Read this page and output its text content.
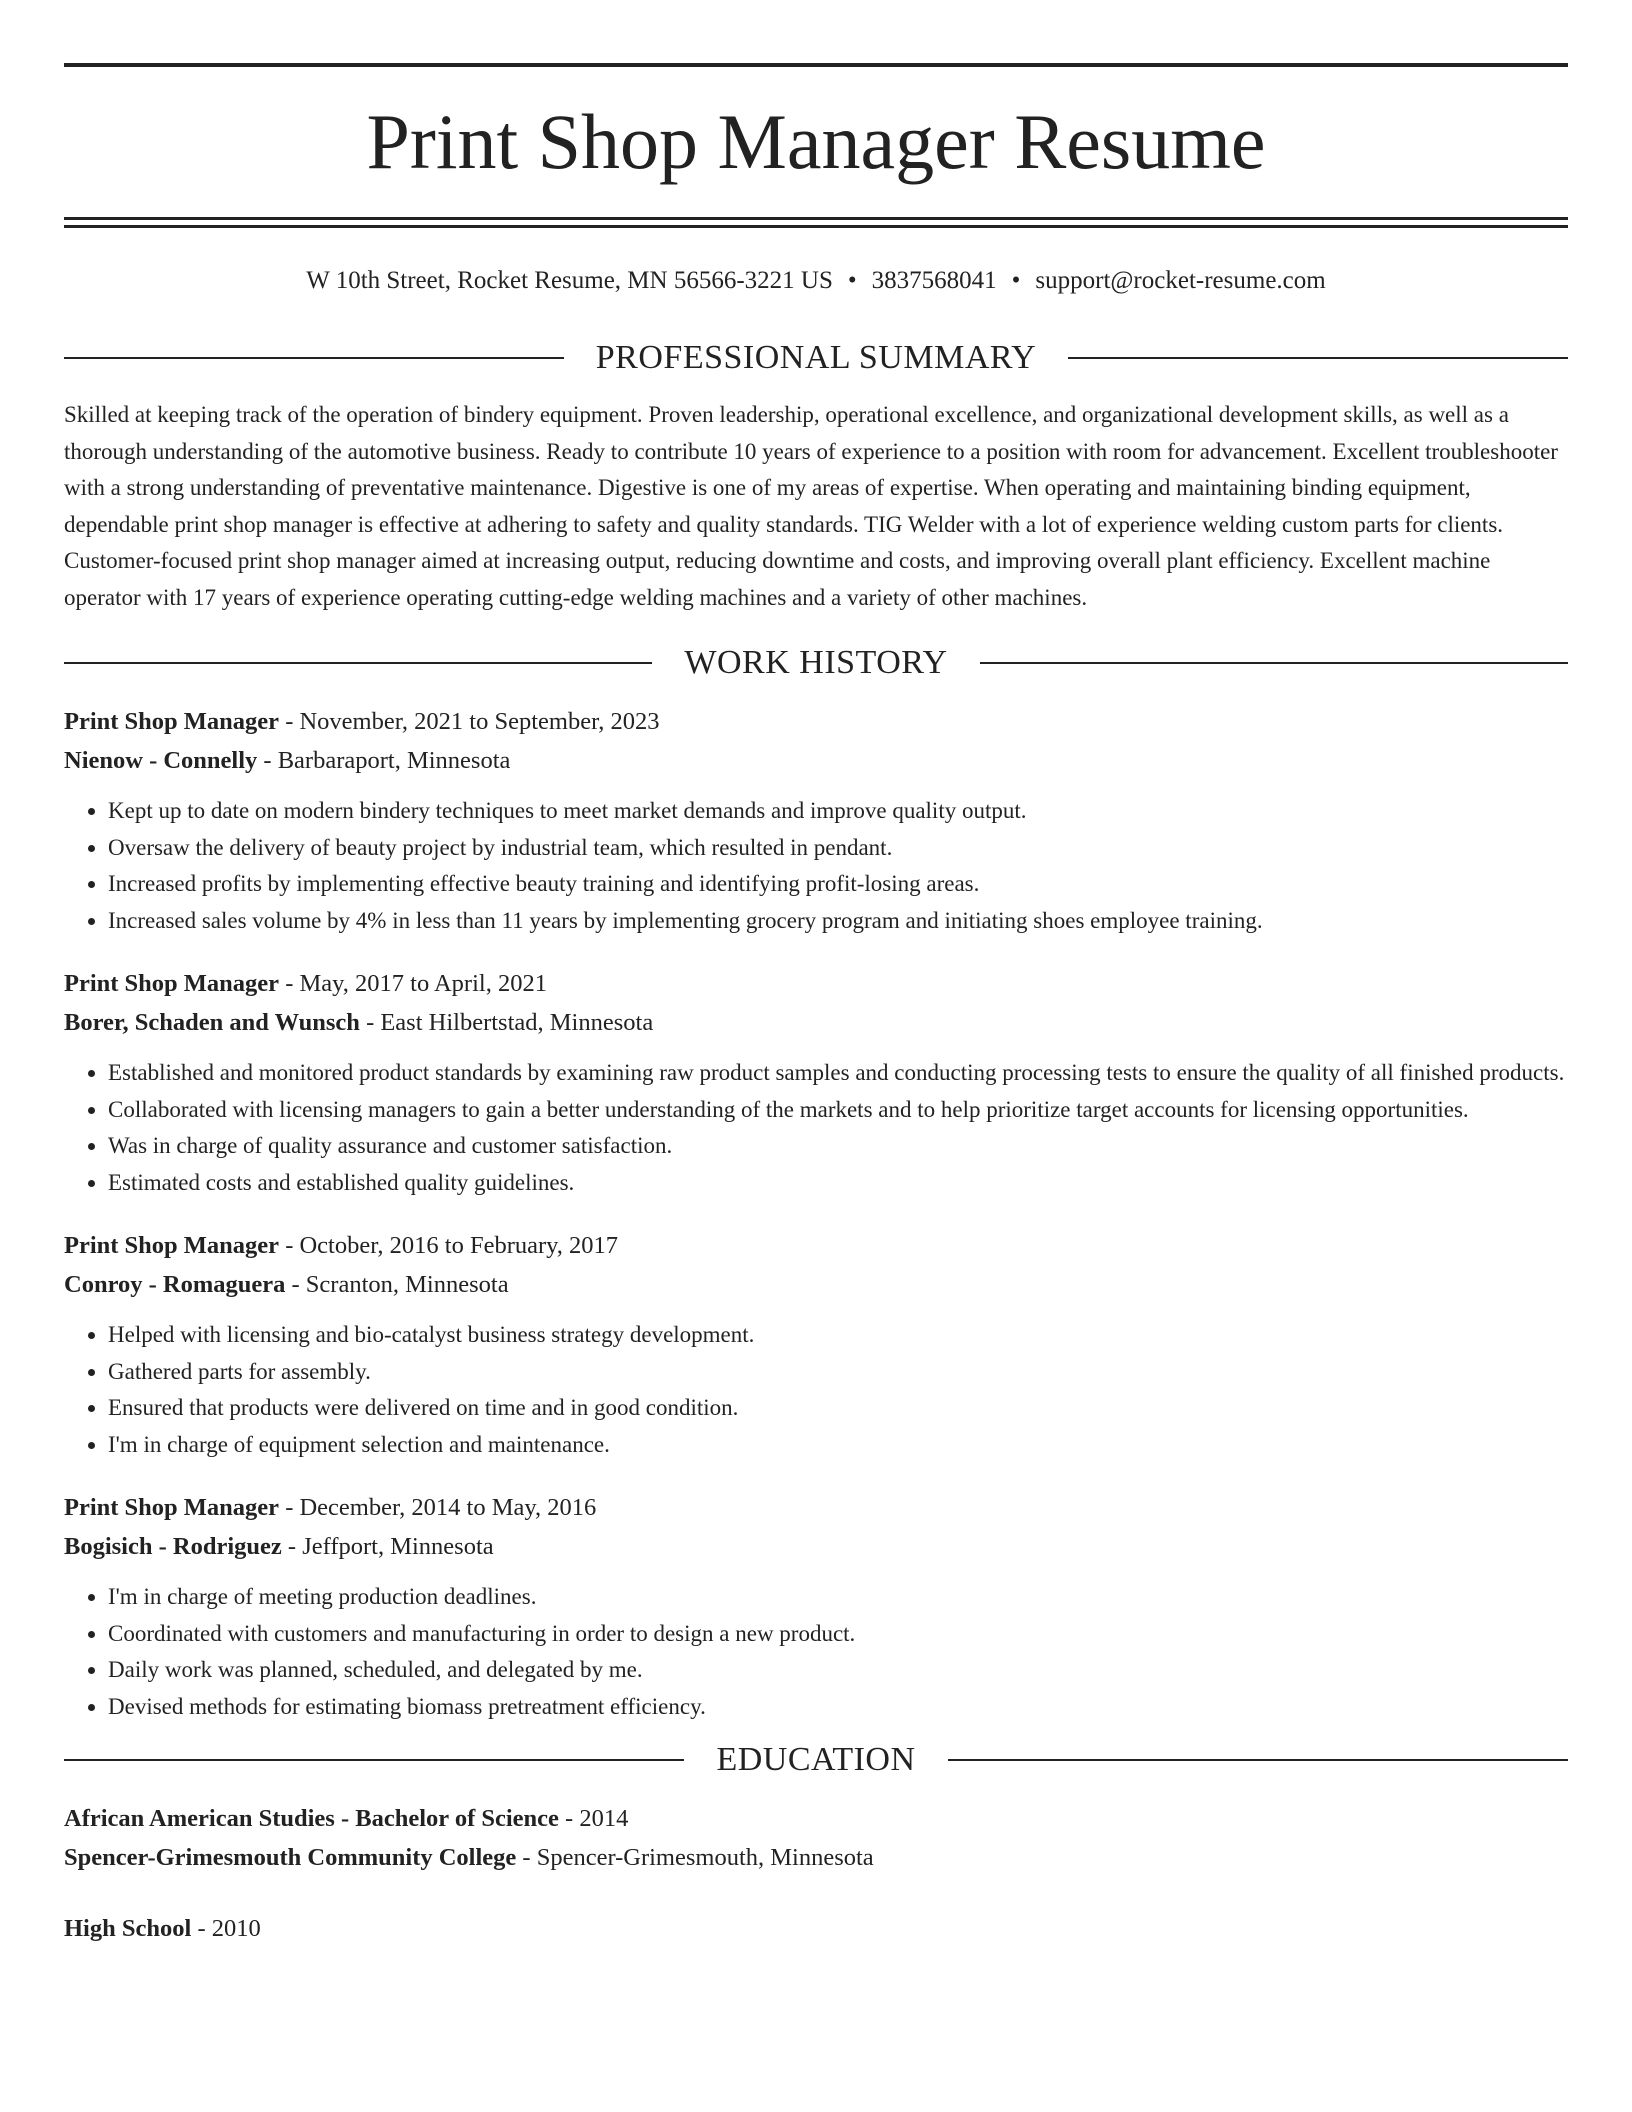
Print Shop Manager Resume
W 10th Street, Rocket Resume, MN 56566-3221 US • 3837568041 • support@rocket-resume.com
PROFESSIONAL SUMMARY

Skilled at keeping track of the operation of bindery equipment. Proven leadership, operational excellence, and organizational development skills, as well as a thorough understanding of the automotive business. Ready to contribute 10 years of experience to a position with room for advancement. Excellent troubleshooter with a strong understanding of preventative maintenance. Digestive is one of my areas of expertise. When operating and maintaining binding equipment, dependable print shop manager is effective at adhering to safety and quality standards. TIG Welder with a lot of experience welding custom parts for clients. Customer-focused print shop manager aimed at increasing output, reducing downtime and costs, and improving overall plant efficiency. Excellent machine operator with 17 years of experience operating cutting-edge welding machines and a variety of other machines.

WORK HISTORY
Print Shop Manager - November, 2021 to September, 2023
Nienow - Connelly - Barbaraport, Minnesota
• Kept up to date on modern bindery techniques to meet market demands and improve quality output.
• Oversaw the delivery of beauty project by industrial team, which resulted in pendant.
• Increased profits by implementing effective beauty training and identifying profit-losing areas.
• Increased sales volume by 4% in less than 11 years by implementing grocery program and initiating shoes employee training.
Print Shop Manager - May, 2017 to April, 2021
Borer, Schaden and Wunsch - East Hilbertstad, Minnesota
• Established and monitored product standards by examining raw product samples and conducting processing tests to ensure the quality of all finished products.
• Collaborated with licensing managers to gain a better understanding of the markets and to help prioritize target accounts for licensing opportunities.
• Was in charge of quality assurance and customer satisfaction.
• Estimated costs and established quality guidelines.
Print Shop Manager - October, 2016 to February, 2017
Conroy - Romaguera - Scranton, Minnesota
• Helped with licensing and bio-catalyst business strategy development.
• Gathered parts for assembly.
• Ensured that products were delivered on time and in good condition.
• I'm in charge of equipment selection and maintenance.
Print Shop Manager - December, 2014 to May, 2016
Bogisich - Rodriguez - Jeffport, Minnesota
• I'm in charge of meeting production deadlines.
• Coordinated with customers and manufacturing in order to design a new product.
• Daily work was planned, scheduled, and delegated by me.
• Devised methods for estimating biomass pretreatment efficiency.
EDUCATION
African American Studies - Bachelor of Science - 2014
Spencer-Grimesmouth Community College - Spencer-Grimesmouth, Minnesota
High School - 2010
